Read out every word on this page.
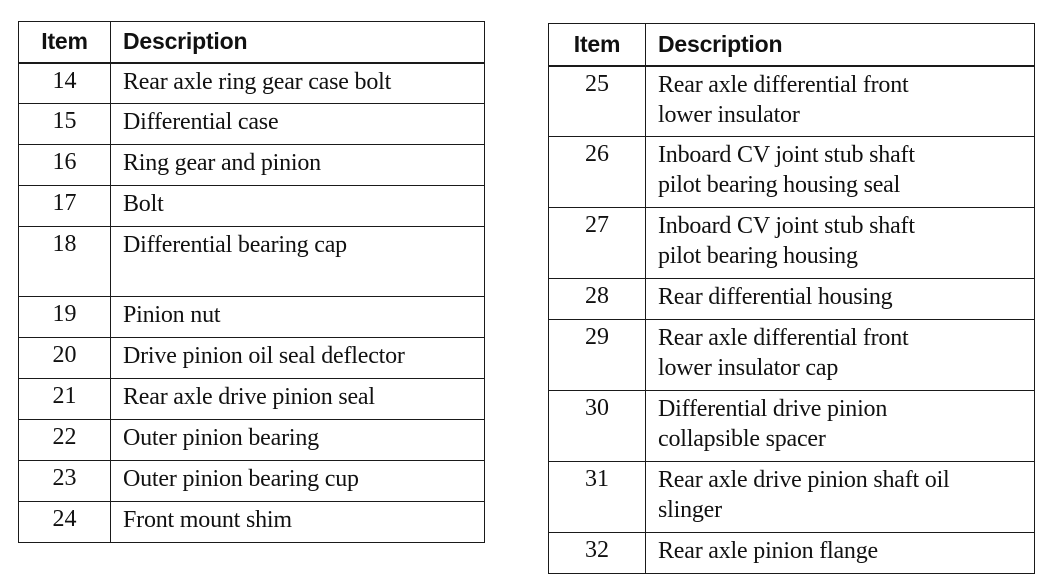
Item	Description
14	Rear axle ring gear case bolt
15	Differential case
16	Ring gear and pinion
17	Bolt
18	Differential bearing cap
19	Pinion nut
20	Drive pinion oil seal deflector
21	Rear axle drive pinion seal
22	Outer pinion bearing
23	Outer pinion bearing cup
24	Front mount shim
Item	Description
25	Rear axle differential front
lower insulator
26	Inboard CV joint stub shaft
pilot bearing housing seal
27	Inboard CV joint stub shaft
pilot bearing housing
28	Rear differential housing
29	Rear axle differential front
lower insulator cap
30	Differential drive pinion
collapsible spacer
31	Rear axle drive pinion shaft oil
slinger
32	Rear axle pinion flange
